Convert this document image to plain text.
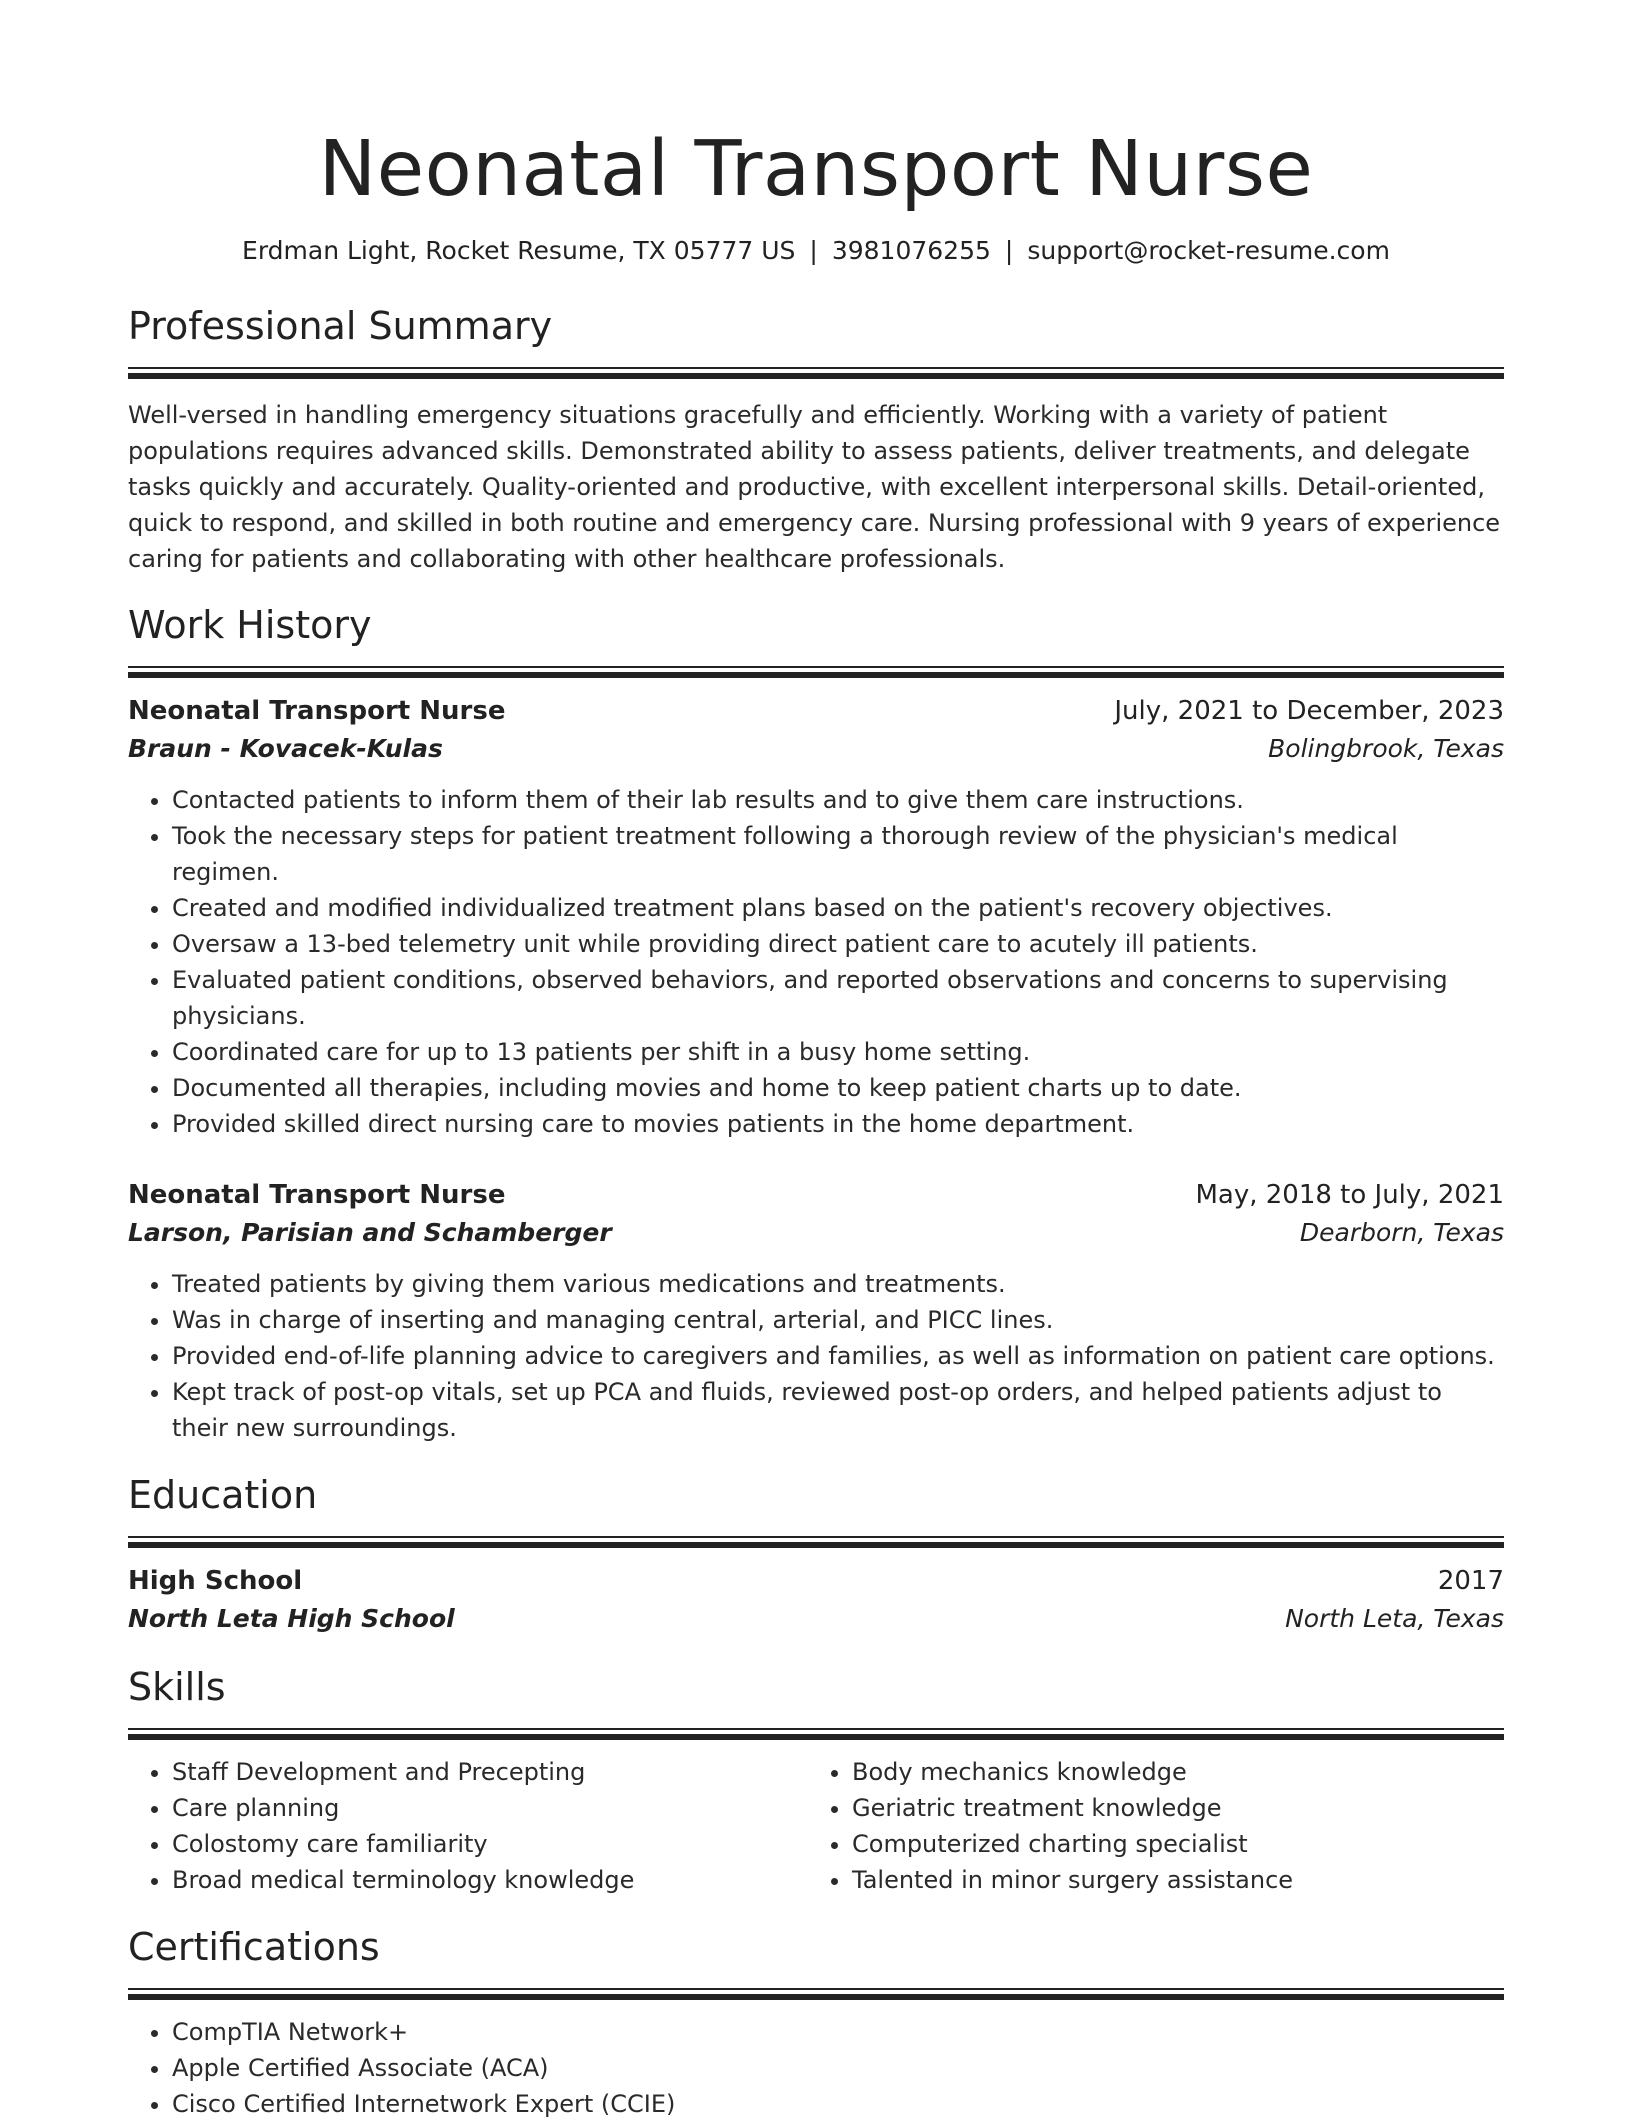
Neonatal Transport Nurse
Erdman Light, Rocket Resume, TX 05777 US | 3981076255 | support@rocket-resume.com
Professional Summary
Well-versed in handling emergency situations gracefully and efficiently. Working with a variety of patient populations requires advanced skills. Demonstrated ability to assess patients, deliver treatments, and delegate tasks quickly and accurately. Quality-oriented and productive, with excellent interpersonal skills. Detail-oriented, quick to respond, and skilled in both routine and emergency care. Nursing professional with 9 years of experience caring for patients and collaborating with other healthcare professionals.
Work History
Neonatal Transport Nurse	July, 2021 to December, 2023
Braun - Kovacek-Kulas	Bolingbrook, Texas
• Contacted patients to inform them of their lab results and to give them care instructions.
• Took the necessary steps for patient treatment following a thorough review of the physician's medical regimen.
• Created and modified individualized treatment plans based on the patient's recovery objectives.
• Oversaw a 13-bed telemetry unit while providing direct patient care to acutely ill patients.
• Evaluated patient conditions, observed behaviors, and reported observations and concerns to supervising physicians.
• Coordinated care for up to 13 patients per shift in a busy home setting.
• Documented all therapies, including movies and home to keep patient charts up to date.
• Provided skilled direct nursing care to movies patients in the home department.
Neonatal Transport Nurse	May, 2018 to July, 2021
Larson, Parisian and Schamberger	Dearborn, Texas
• Treated patients by giving them various medications and treatments.
• Was in charge of inserting and managing central, arterial, and PICC lines.
• Provided end-of-life planning advice to caregivers and families, as well as information on patient care options.
• Kept track of post-op vitals, set up PCA and fluids, reviewed post-op orders, and helped patients adjust to their new surroundings.
Education
High School	2017
North Leta High School	North Leta, Texas
Skills
• Staff Development and Precepting
• Care planning
• Colostomy care familiarity
• Broad medical terminology knowledge
• Body mechanics knowledge
• Geriatric treatment knowledge
• Computerized charting specialist
• Talented in minor surgery assistance
Certifications
• CompTIA Network+
• Apple Certified Associate (ACA)
• Cisco Certified Internetwork Expert (CCIE)
